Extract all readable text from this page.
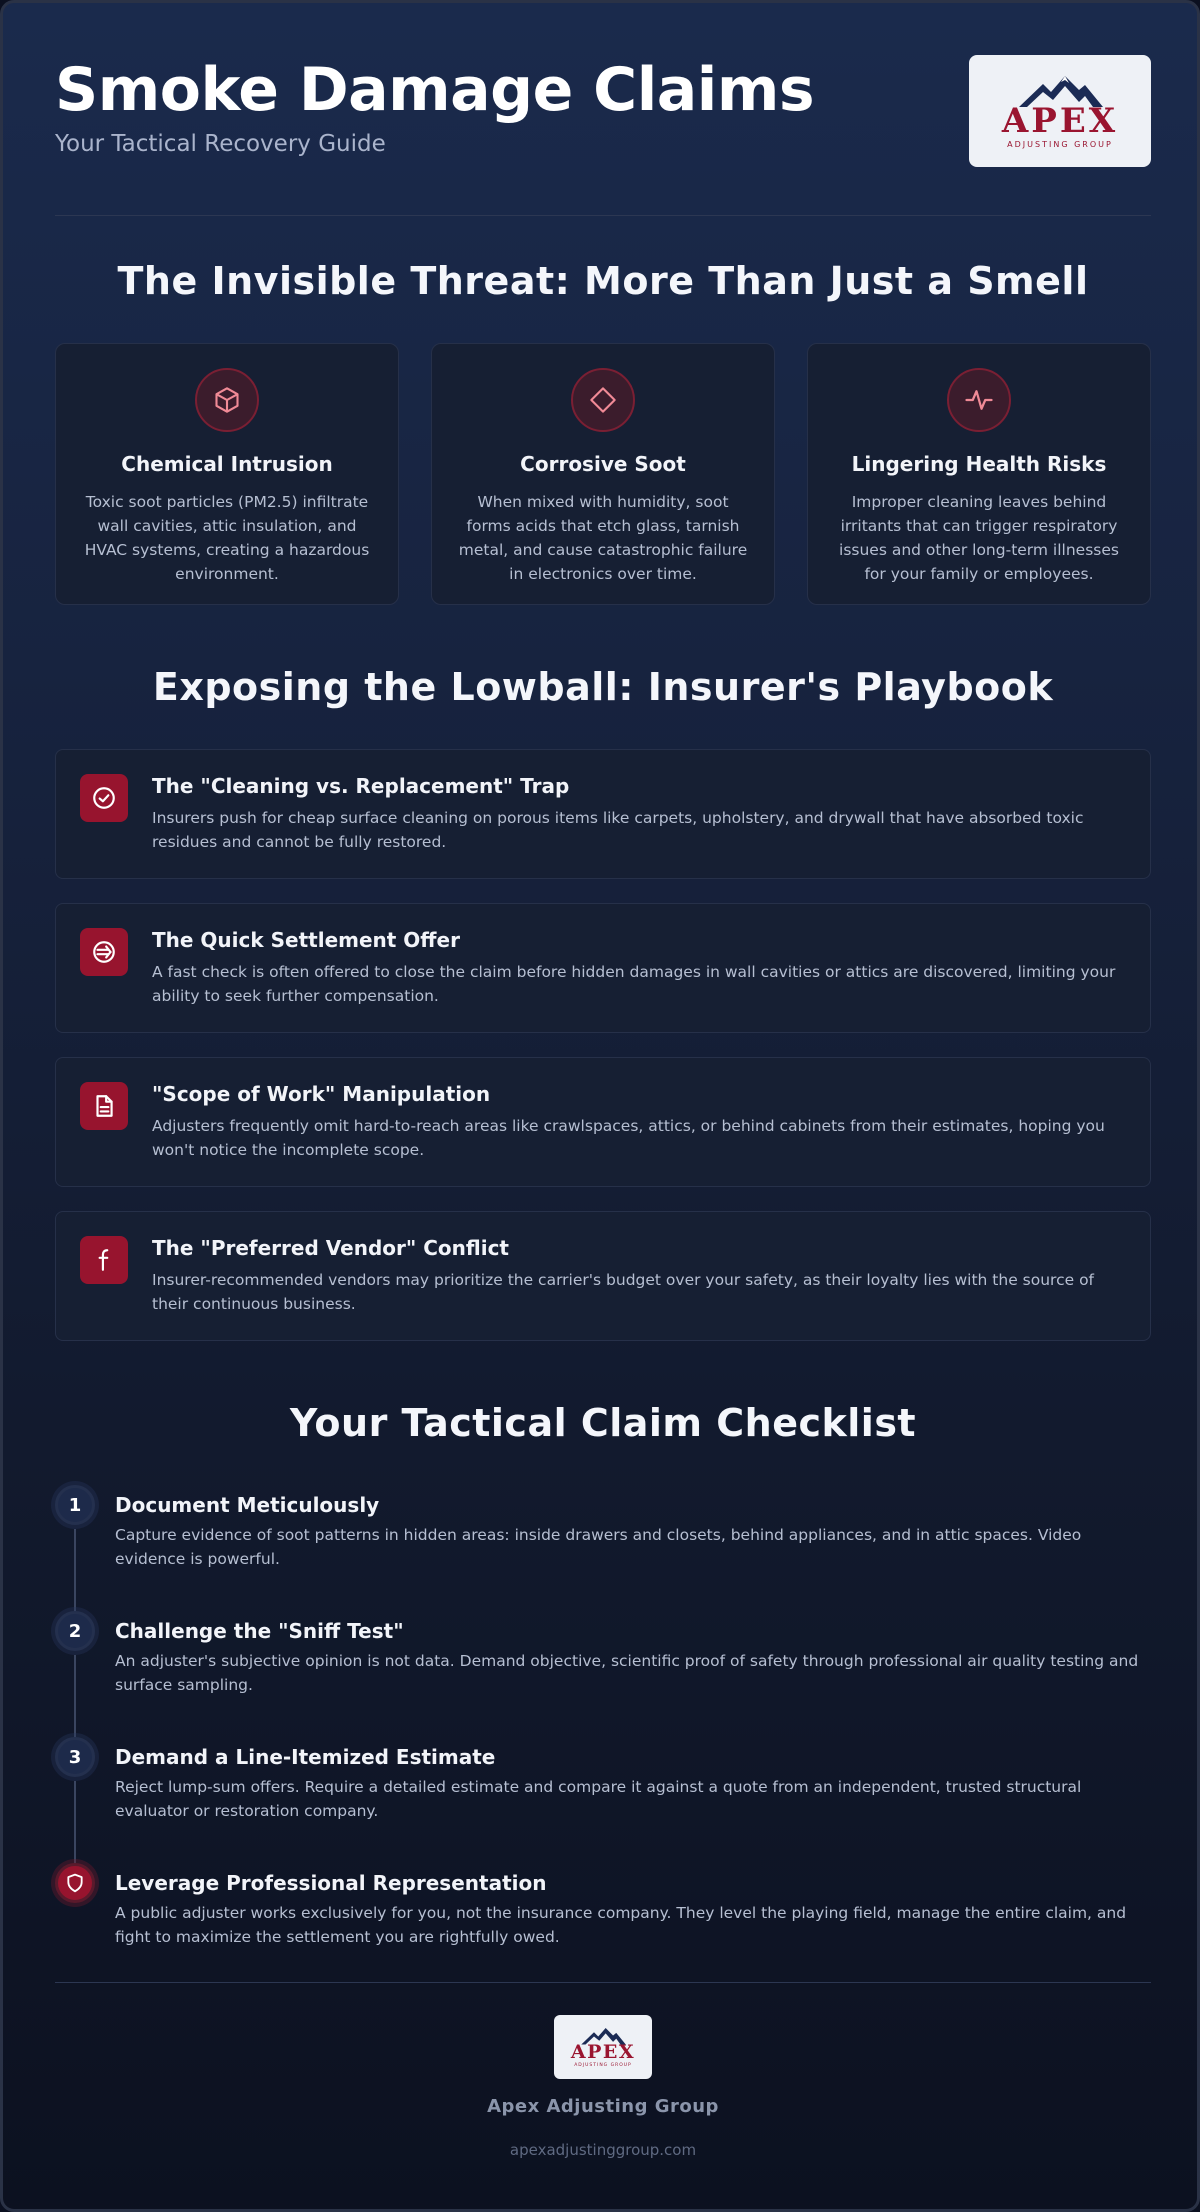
Smoke Damage Claims
Your Tactical Recovery Guide
APEX
ADJUSTING GROUP
The Invisible Threat: More Than Just a Smell
Chemical Intrusion
Toxic soot particles (PM2.5) infiltrate wall cavities, attic insulation, and HVAC systems, creating a hazardous environment.
Corrosive Soot
When mixed with humidity, soot forms acids that etch glass, tarnish metal, and cause catastrophic failure in electronics over time.
Lingering Health Risks
Improper cleaning leaves behind irritants that can trigger respiratory issues and other long-term illnesses for your family or employees.
Exposing the Lowball: Insurer's Playbook
The "Cleaning vs. Replacement" Trap
Insurers push for cheap surface cleaning on porous items like carpets, upholstery, and drywall that have absorbed toxic residues and cannot be fully restored.
The Quick Settlement Offer
A fast check is often offered to close the claim before hidden damages in wall cavities or attics are discovered, limiting your ability to seek further compensation.
"Scope of Work" Manipulation
Adjusters frequently omit hard-to-reach areas like crawlspaces, attics, or behind cabinets from their estimates, hoping you won't notice the incomplete scope.
The "Preferred Vendor" Conflict
Insurer-recommended vendors may prioritize the carrier's budget over your safety, as their loyalty lies with the source of their continuous business.
Your Tactical Claim Checklist
1	Document Meticulously
Capture evidence of soot patterns in hidden areas: inside drawers and closets, behind appliances, and in attic spaces. Video evidence is powerful.
2	Challenge the "Sniff Test"
An adjuster's subjective opinion is not data. Demand objective, scientific proof of safety through professional air quality testing and surface sampling.
3	Demand a Line-Itemized Estimate
Reject lump-sum offers. Require a detailed estimate and compare it against a quote from an independent, trusted structural evaluator or restoration company.
Leverage Professional Representation
A public adjuster works exclusively for you, not the insurance company. They level the playing field, manage the entire claim, and fight to maximize the settlement you are rightfully owed.
APEX
ADJUSTING GROUP
Apex Adjusting Group
apexadjustinggroup.com
